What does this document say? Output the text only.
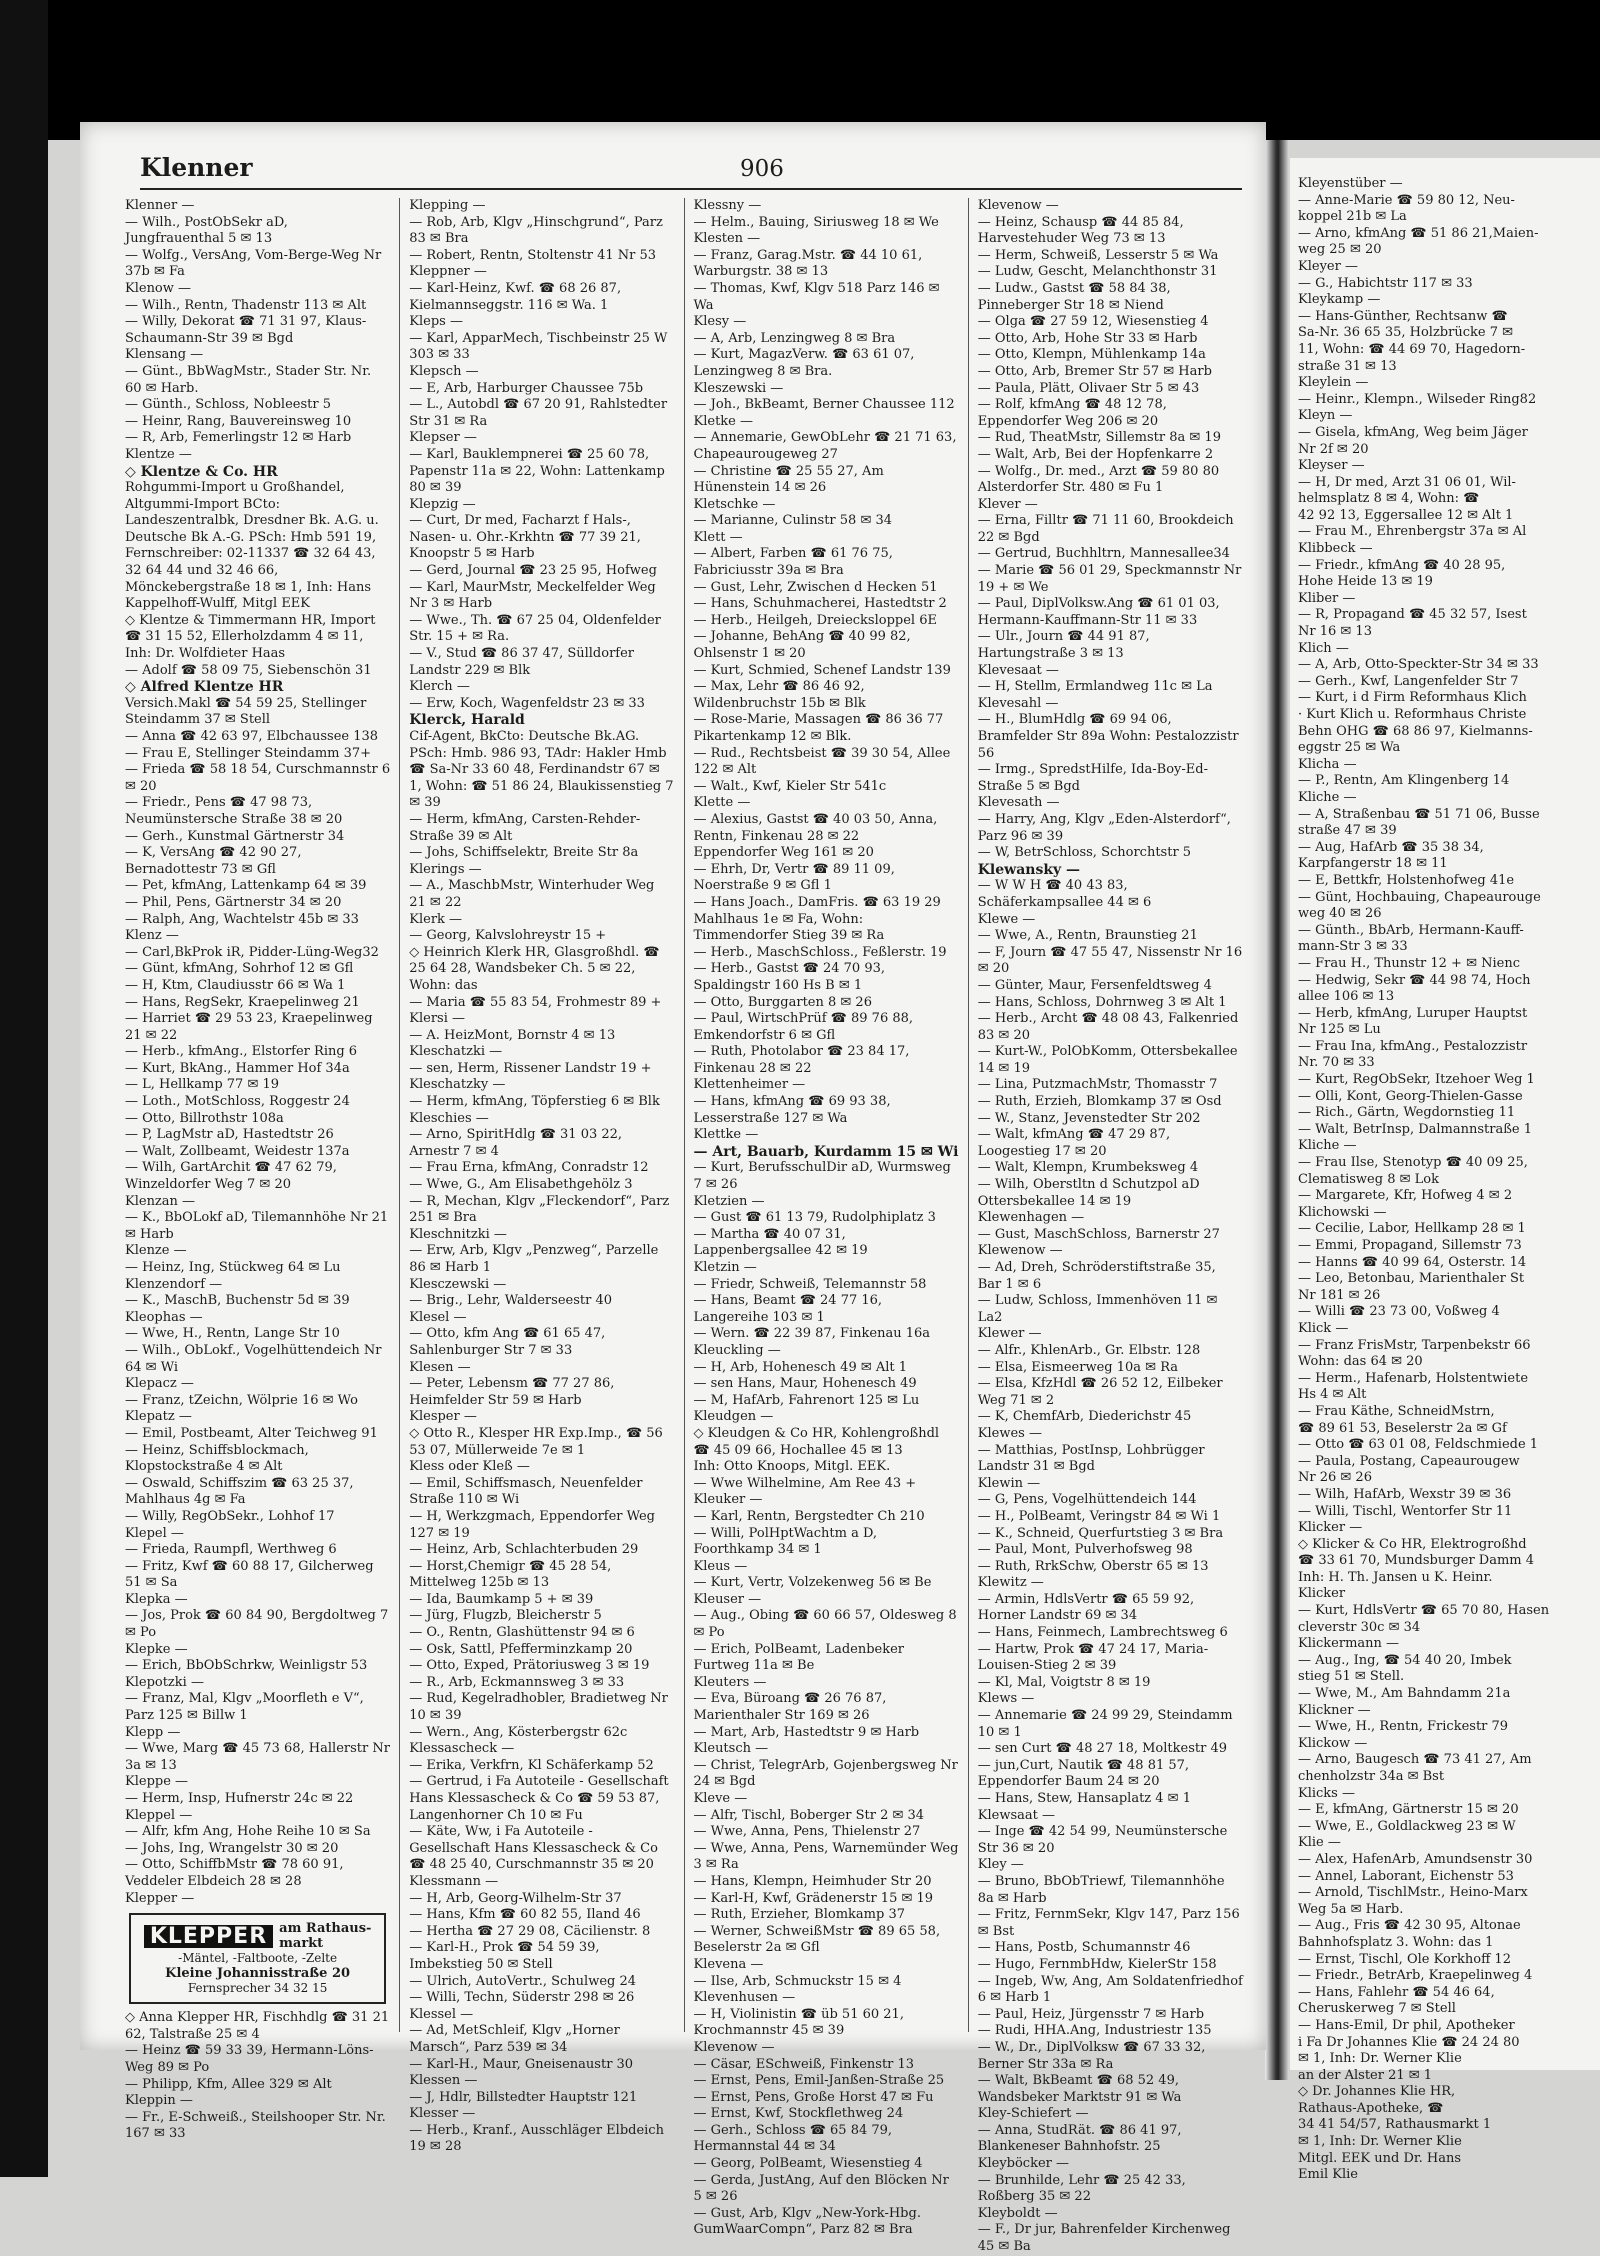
Klenner	906

Klenner —

— Wilh., PostObSekr aD, Jungfrauenthal 5 ✉ 13

— Wolfg., VersAng, Vom-Berge-Weg Nr 37b ✉ Fa

Klenow —

— Wilh., Rentn, Thadenstr 113 ✉ Alt

— Willy, Dekorat ☎ 71 31 97, Klaus-Schaumann-Str 39 ✉ Bgd

Klensang —

— Günt., BbWagMstr., Stader Str. Nr. 60 ✉ Harb.

— Günth., Schloss, Nobleestr 5

— Heinr, Rang, Bauvereinsweg 10

— R, Arb, Femerlingstr 12 ✉ Harb

Klentze —

◇ Klentze & Co. HR

Rohgummi-Import u Großhandel, Altgummi-Import BCto: Landeszentralbk, Dresdner Bk. A.G. u. Deutsche Bk A.-G. PSch: Hmb 591 19, Fernschreiber: 02-11337 ☎ 32 64 43, 32 64 44 und 32 46 66, Mönckebergstraße 18 ✉ 1, Inh: Hans Kappelhoff-Wulff, Mitgl EEK

◇ Klentze & Timmermann HR, Import ☎ 31 15 52, Ellerholzdamm 4 ✉ 11, Inh: Dr. Wolfdieter Haas

— Adolf ☎ 58 09 75, Siebenschön 31

◇ Alfred Klentze HR

Versich.Makl ☎ 54 59 25, Stellinger Steindamm 37 ✉ Stell

— Anna ☎ 42 63 97, Elbchaussee 138

— Frau E, Stellinger Steindamm 37+

— Frieda ☎ 58 18 54, Curschmannstr 6 ✉ 20

— Friedr., Pens ☎ 47 98 73, Neumünstersche Straße 38 ✉ 20

— Gerh., Kunstmal Gärtnerstr 34

— K, VersAng ☎ 42 90 27, Bernadottestr 73 ✉ Gfl

— Pet, kfmAng, Lattenkamp 64 ✉ 39

— Phil, Pens, Gärtnerstr 34 ✉ 20

— Ralph, Ang, Wachtelstr 45b ✉ 33

Klenz —

— Carl,BkProk iR, Pidder-Lüng-Weg32

— Günt, kfmAng, Sohrhof 12 ✉ Gfl

— H, Ktm, Claudiusstr 66 ✉ Wa 1

— Hans, RegSekr, Kraepelinweg 21

— Harriet ☎ 29 53 23, Kraepelinweg 21 ✉ 22

— Herb., kfmAng., Elstorfer Ring 6

— Kurt, BkAng., Hammer Hof 34a

— L, Hellkamp 77 ✉ 19

— Loth., MotSchloss, Roggestr 24

— Otto, Billrothstr 108a

— P, LagMstr aD, Hastedtstr 26

— Walt, Zollbeamt, Weidestr 137a

— Wilh, GartArchit ☎ 47 62 79, Winzeldorfer Weg 7 ✉ 20

Klenzan —

— K., BbOLokf aD, Tilemannhöhe Nr 21 ✉ Harb

Klenze —

— Heinz, Ing, Stückweg 64 ✉ Lu

Klenzendorf —

— K., MaschB, Buchenstr 5d ✉ 39

Kleophas —

— Wwe, H., Rentn, Lange Str 10

— Wilh., ObLokf., Vogelhüttendeich Nr 64 ✉ Wi

Klepacz —

— Franz, tZeichn, Wölprie 16 ✉ Wo

Klepatz —

— Emil, Postbeamt, Alter Teichweg 91

— Heinz, Schiffsblockmach, Klopstockstraße 4 ✉ Alt

— Oswald, Schiffszim ☎ 63 25 37, Mahlhaus 4g ✉ Fa

— Willy, RegObSekr., Lohhof 17

Klepel —

— Frieda, Raumpfl, Werthweg 6

— Fritz, Kwf ☎ 60 88 17, Gilcherweg 51 ✉ Sa

Klepka —

— Jos, Prok ☎ 60 84 90, Bergdoltweg 7 ✉ Po

Klepke —

— Erich, BbObSchrkw, Weinligstr 53

Klepotzki —

— Franz, Mal, Klgv „Moorfleth e V“, Parz 125 ✉ Billw 1

Klepp —

— Wwe, Marg ☎ 45 73 68, Hallerstr Nr 3a ✉ 13

Kleppe —

— Herm, Insp, Hufnerstr 24c ✉ 22

Kleppel —

— Alfr, kfm Ang, Hohe Reihe 10 ✉ Sa

— Johs, Ing, Wrangelstr 30 ✉ 20

— Otto, SchiffbMstr ☎ 78 60 91, Veddeler Elbdeich 28 ✉ 28

Klepper —

KLEPPER am Rathaus-
markt
-Mäntel, -Faltboote, -Zelte
Kleine Johannisstraße 20
Fernsprecher 34 32 15

◇ Anna Klepper HR, Fischhdlg ☎ 31 21 62, Talstraße 25 ✉ 4

— Heinz ☎ 59 33 39, Hermann-Löns-Weg 89 ✉ Po

— Philipp, Kfm, Allee 329 ✉ Alt

Kleppin —

— Fr., E-Schweiß., Steilshooper Str. Nr. 167 ✉ 33

Klepping —

— Rob, Arb, Klgv „Hinschgrund“, Parz 83 ✉ Bra

— Robert, Rentn, Stoltenstr 41 Nr 53

Kleppner —

— Karl-Heinz, Kwf. ☎ 68 26 87, Kielmannseggstr. 116 ✉ Wa. 1

Kleps —

— Karl, ApparMech, Tischbeinstr 25 W 303 ✉ 33

Klepsch —

— E, Arb, Harburger Chaussee 75b

— L., Autobdl ☎ 67 20 91, Rahlstedter Str 31 ✉ Ra

Klepser —

— Karl, Bauklempnerei ☎ 25 60 78, Papenstr 11a ✉ 22, Wohn: Lattenkamp 80 ✉ 39

Klepzig —

— Curt, Dr med, Facharzt f Hals-, Nasen- u. Ohr.-Krkhtn ☎ 77 39 21, Knoopstr 5 ✉ Harb

— Gerd, Journal ☎ 23 25 95, Hofweg

— Karl, MaurMstr, Meckelfelder Weg Nr 3 ✉ Harb

— Wwe., Th. ☎ 67 25 04, Oldenfelder Str. 15 + ✉ Ra.

— V., Stud ☎ 86 37 47, Sülldorfer Landstr 229 ✉ Blk

Klerch —

— Erw, Koch, Wagenfeldstr 23 ✉ 33

Klerck, Harald

Cif-Agent, BkCto: Deutsche Bk.AG. PSch: Hmb. 986 93, TAdr: Hakler Hmb ☎ Sa-Nr 33 60 48, Ferdinandstr 67 ✉ 1, Wohn: ☎ 51 86 24, Blaukissenstieg 7 ✉ 39

— Herm, kfmAng, Carsten-Rehder-Straße 39 ✉ Alt

— Johs, Schiffselektr, Breite Str 8a

Klerings —

— A., MaschbMstr, Winterhuder Weg 21 ✉ 22

Klerk —

— Georg, Kalvslohreystr 15 +

◇ Heinrich Klerk HR, Glasgroßhdl. ☎ 25 64 28, Wandsbeker Ch. 5 ✉ 22, Wohn: das

— Maria ☎ 55 83 54, Frohmestr 89 +

Klersi —

— A. HeizMont, Bornstr 4 ✉ 13

Kleschatzki —

— sen, Herm, Rissener Landstr 19 +

Kleschatzky —

— Herm, kfmAng, Töpferstieg 6 ✉ Blk

Kleschies —

— Arno, SpiritHdlg ☎ 31 03 22, Arnestr 7 ✉ 4

— Frau Erna, kfmAng, Conradstr 12

— Wwe, G., Am Elisabethgehölz 3

— R, Mechan, Klgv „Fleckendorf“, Parz 251 ✉ Bra

Kleschnitzki —

— Erw, Arb, Klgv „Penzweg“, Parzelle 86 ✉ Harb 1

Klesczewski —

— Brig., Lehr, Walderseestr 40

Klesel —

— Otto, kfm Ang ☎ 61 65 47, Sahlenburger Str 7 ✉ 33

Klesen —

— Peter, Lebensm ☎ 77 27 86, Heimfelder Str 59 ✉ Harb

Klesper —

◇ Otto R., Klesper HR Exp.Imp., ☎ 56 53 07, Müllerweide 7e ✉ 1

Kless oder Kleß —

— Emil, Schiffsmasch, Neuenfelder Straße 110 ✉ Wi

— H, Werkzgmach, Eppendorfer Weg 127 ✉ 19

— Heinz, Arb, Schlachterbuden 29

— Horst,Chemigr ☎ 45 28 54, Mittelweg 125b ✉ 13

— Ida, Baumkamp 5 + ✉ 39

— Jürg, Flugzb, Bleicherstr 5

— O., Rentn, Glashüttenstr 94 ✉ 6

— Osk, Sattl, Pfefferminzkamp 20

— Otto, Exped, Prätoriusweg 3 ✉ 19

— R., Arb, Eckmannsweg 3 ✉ 33

— Rud, Kegelradhobler, Bradietweg Nr 10 ✉ 39

— Wern., Ang, Kösterbergstr 62c

Klessascheck —

— Erika, Verkfrn, Kl Schäferkamp 52

— Gertrud, i Fa Autoteile - Gesellschaft Hans Klessascheck & Co ☎ 59 53 87, Langenhorner Ch 10 ✉ Fu

— Käte, Ww, i Fa Autoteile - Gesellschaft Hans Klessascheck & Co ☎ 48 25 40, Curschmannstr 35 ✉ 20

Klessmann —

— H, Arb, Georg-Wilhelm-Str 37

— Hans, Kfm ☎ 60 82 55, Iland 46

— Hertha ☎ 27 29 08, Cäcilienstr. 8

— Karl-H., Prok ☎ 54 59 39, Imbekstieg 50 ✉ Stell

— Ulrich, AutoVertr., Schulweg 24

— Willi, Techn, Süderstr 298 ✉ 26

Klessel —

— Ad, MetSchleif, Klgv „Horner Marsch“, Parz 539 ✉ 34

— Karl-H., Maur, Gneisenaustr 30

Klessen —

— J, Hdlr, Billstedter Hauptstr 121

Klesser —

— Herb., Kranf., Ausschläger Elbdeich 19 ✉ 28

Klessny —

— Helm., Bauing, Siriusweg 18 ✉ We

Klesten —

— Franz, Garag.Mstr. ☎ 44 10 61, Warburgstr. 38 ✉ 13

— Thomas, Kwf, Klgv 518 Parz 146 ✉ Wa

Klesy —

— A, Arb, Lenzingweg 8 ✉ Bra

— Kurt, MagazVerw. ☎ 63 61 07, Lenzingweg 8 ✉ Bra.

Kleszewski —

— Joh., BkBeamt, Berner Chaussee 112

Kletke —

— Annemarie, GewObLehr ☎ 21 71 63, Chapeaurougeweg 27

— Christine ☎ 25 55 27, Am Hünenstein 14 ✉ 26

Kletschke —

— Marianne, Culinstr 58 ✉ 34

Klett —

— Albert, Farben ☎ 61 76 75, Fabriciusstr 39a ✉ Bra

— Gust, Lehr, Zwischen d Hecken 51

— Hans, Schuhmacherei, Hastedtstr 2

— Herb., Heilgeh, Dreiecksloppel 6E

— Johanne, BehAng ☎ 40 99 82, Ohlsenstr 1 ✉ 20

— Kurt, Schmied, Schenef Landstr 139

— Max, Lehr ☎ 86 46 92, Wildenbruchstr 15b ✉ Blk

— Rose-Marie, Massagen ☎ 86 36 77 Pikartenkamp 12 ✉ Blk.

— Rud., Rechtsbeist ☎ 39 30 54, Allee 122 ✉ Alt

— Walt., Kwf, Kieler Str 541c

Klette —

— Alexius, Gastst ☎ 40 03 50, Anna, Rentn, Finkenau 28 ✉ 22

Eppendorfer Weg 161 ✉ 20

— Ehrh, Dr, Vertr ☎ 89 11 09, Noerstraße 9 ✉ Gfl 1

— Hans Joach., DamFris. ☎ 63 19 29 Mahlhaus 1e ✉ Fa, Wohn: Timmendorfer Stieg 39 ✉ Ra

— Herb., MaschSchloss., Feßlerstr. 19

— Herb., Gastst ☎ 24 70 93, Spaldingstr 160 Hs B ✉ 1

— Otto, Burggarten 8 ✉ 26

— Paul, WirtschPrüf ☎ 89 76 88, Emkendorfstr 6 ✉ Gfl

— Ruth, Photolabor ☎ 23 84 17, Finkenau 28 ✉ 22

Klettenheimer —

— Hans, kfmAng ☎ 69 93 38, Lesserstraße 127 ✉ Wa

Klettke —

— Art, Bauarb, Kurdamm 15 ✉ Wi

— Kurt, BerufsschulDir aD, Wurmsweg 7 ✉ 26

Kletzien —

— Gust ☎ 61 13 79, Rudolphiplatz 3

— Martha ☎ 40 07 31, Lappenbergsallee 42 ✉ 19

Kletzin —

— Friedr, Schweiß, Telemannstr 58

— Hans, Beamt ☎ 24 77 16, Langereihe 103 ✉ 1

— Wern. ☎ 22 39 87, Finkenau 16a

Kleuckling —

— H, Arb, Hohenesch 49 ✉ Alt 1

— sen Hans, Maur, Hohenesch 49

— M, HafArb, Fahrenort 125 ✉ Lu

Kleudgen —

◇ Kleudgen & Co HR, Kohlengroßhdl ☎ 45 09 66, Hochallee 45 ✉ 13

Inh: Otto Knoops, Mitgl. EEK.

— Wwe Wilhelmine, Am Ree 43 +

Kleuker —

— Karl, Rentn, Bergstedter Ch 210

— Willi, PolHptWachtm a D, Foorthkamp 34 ✉ 1

Kleus —

— Kurt, Vertr, Volzekenweg 56 ✉ Be

Kleuser —

— Aug., Obing ☎ 60 66 57, Oldesweg 8 ✉ Po

— Erich, PolBeamt, Ladenbeker Furtweg 11a ✉ Be

Kleuters —

— Eva, Büroang ☎ 26 76 87, Marienthaler Str 169 ✉ 26

— Mart, Arb, Hastedtstr 9 ✉ Harb

Kleutsch —

— Christ, TelegrArb, Gojenbergsweg Nr 24 ✉ Bgd

Kleve —

— Alfr, Tischl, Boberger Str 2 ✉ 34

— Wwe, Anna, Pens, Thielenstr 27

— Wwe, Anna, Pens, Warnemünder Weg 3 ✉ Ra

— Hans, Klempn, Heimhuder Str 20

— Karl-H, Kwf, Grädenerstr 15 ✉ 19

— Ruth, Erzieher, Blomkamp 37

— Werner, SchweißMstr ☎ 89 65 58, Beselerstr 2a ✉ Gfl

Klevena —

— Ilse, Arb, Schmuckstr 15 ✉ 4

Klevenhusen —

— H, Violinistin ☎ üb 51 60 21, Krochmannstr 45 ✉ 39

Klevenow —

— Cäsar, ESchweiß, Finkenstr 13

— Ernst, Pens, Emil-Janßen-Straße 25

— Ernst, Pens, Große Horst 47 ✉ Fu

— Ernst, Kwf, Stockflethweg 24

— Gerh., Schloss ☎ 65 84 79, Hermannstal 44 ✉ 34

— Georg, PolBeamt, Wiesenstieg 4

— Gerda, JustAng, Auf den Blöcken Nr 5 ✉ 26

— Gust, Arb, Klgv „New-York-Hbg. GumWaarCompn“, Parz 82 ✉ Bra

Klevenow —

— Heinz, Schausp ☎ 44 85 84, Harvestehuder Weg 73 ✉ 13

— Herm, Schweiß, Lesserstr 5 ✉ Wa

— Ludw, Gescht, Melanchthonstr 31

— Ludw., Gastst ☎ 58 84 38, Pinneberger Str 18 ✉ Niend

— Olga ☎ 27 59 12, Wiesenstieg 4

— Otto, Arb, Hohe Str 33 ✉ Harb

— Otto, Klempn, Mühlenkamp 14a

— Otto, Arb, Bremer Str 57 ✉ Harb

— Paula, Plätt, Olivaer Str 5 ✉ 43

— Rolf, kfmAng ☎ 48 12 78, Eppendorfer Weg 206 ✉ 20

— Rud, TheatMstr, Sillemstr 8a ✉ 19

— Walt, Arb, Bei der Hopfenkarre 2

— Wolfg., Dr. med., Arzt ☎ 59 80 80 Alsterdorfer Str. 480 ✉ Fu 1

Klever —

— Erna, Filltr ☎ 71 11 60, Brookdeich 22 ✉ Bgd

— Gertrud, Buchhltrn, Mannesallee34

— Marie ☎ 56 01 29, Speckmannstr Nr 19 + ✉ We

— Paul, DiplVolksw.Ang ☎ 61 01 03, Hermann-Kauffmann-Str 11 ✉ 33

— Ulr., Journ ☎ 44 91 87, Hartungstraße 3 ✉ 13

Klevesaat —

— H, Stellm, Ermlandweg 11c ✉ La

Klevesahl —

— H., BlumHdlg ☎ 69 94 06, Bramfelder Str 89a Wohn: Pestalozzistr 56

— Irmg., SpredstHilfe, Ida-Boy-Ed-Straße 5 ✉ Bgd

Klevesath —

— Harry, Ang, Klgv „Eden-Alsterdorf“, Parz 96 ✉ 39

— W, BetrSchloss, Schorchtstr 5

Klewansky —

— W W H ☎ 40 43 83, Schäferkampsallee 44 ✉ 6

Klewe —

— Wwe, A., Rentn, Braunstieg 21

— F, Journ ☎ 47 55 47, Nissenstr Nr 16 ✉ 20

— Günter, Maur, Fersenfeldtsweg 4

— Hans, Schloss, Dohrnweg 3 ✉ Alt 1

— Herb., Archt ☎ 48 08 43, Falkenried 83 ✉ 20

— Kurt-W., PolObKomm, Ottersbekallee 14 ✉ 19

— Lina, PutzmachMstr, Thomasstr 7

— Ruth, Erzieh, Blomkamp 37 ✉ Osd

— W., Stanz, Jevenstedter Str 202

— Walt, kfmAng ☎ 47 29 87, Loogestieg 17 ✉ 20

— Walt, Klempn, Krumbeksweg 4

— Wilh, Oberstltn d Schutzpol aD Ottersbekallee 14 ✉ 19

Klewenhagen —

— Gust, MaschSchloss, Barnerstr 27

Klewenow —

— Ad, Dreh, Schröderstiftstraße 35, Bar 1 ✉ 6

— Ludw, Schloss, Immenhöven 11 ✉ La2

Klewer —

— Alfr., KhlenArb., Gr. Elbstr. 128

— Elsa, Eismeerweg 10a ✉ Ra

— Elsa, KfzHdl ☎ 26 52 12, Eilbeker Weg 71 ✉ 2

— K, ChemfArb, Diederichstr 45

Klewes —

— Matthias, PostInsp, Lohbrügger Landstr 31 ✉ Bgd

Klewin —

— G, Pens, Vogelhüttendeich 144

— H., PolBeamt, Veringstr 84 ✉ Wi 1

— K., Schneid, Querfurtstieg 3 ✉ Bra

— Paul, Mont, Pulverhofsweg 98

— Ruth, RrkSchw, Oberstr 65 ✉ 13

Klewitz —

— Armin, HdlsVertr ☎ 65 59 92, Horner Landstr 69 ✉ 34

— Hans, Feinmech, Lambrechtsweg 6

— Hartw, Prok ☎ 47 24 17, Maria-Louisen-Stieg 2 ✉ 39

— Kl, Mal, Voigtstr 8 ✉ 19

Klews —

— Annemarie ☎ 24 99 29, Steindamm 10 ✉ 1

— sen Curt ☎ 48 27 18, Moltkestr 49

— jun,Curt, Nautik ☎ 48 81 57, Eppendorfer Baum 24 ✉ 20

— Hans, Stew, Hansaplatz 4 ✉ 1

Klewsaat —

— Inge ☎ 42 54 99, Neumünstersche Str 36 ✉ 20

Kley —

— Bruno, BbObTriewf, Tilemannhöhe 8a ✉ Harb

— Fritz, FernmSekr, Klgv 147, Parz 156 ✉ Bst

— Hans, Postb, Schumannstr 46

— Hugo, FernmbHdw, KielerStr 158

— Ingeb, Ww, Ang, Am Soldatenfriedhof 6 ✉ Harb 1

— Paul, Heiz, Jürgensstr 7 ✉ Harb

— Rudi, HHA.Ang, Industriestr 135

— W., Dr., DiplVolksw ☎ 67 33 32, Berner Str 33a ✉ Ra

— Walt, BkBeamt ☎ 68 52 49, Wandsbeker Marktstr 91 ✉ Wa

Kley-Schiefert —

— Anna, StudRät. ☎ 86 41 97, Blankeneser Bahnhofstr. 25

Kleyböcker —

— Brunhilde, Lehr ☎ 25 42 33, Roßberg 35 ✉ 22

Kleyboldt —

— F., Dr jur, Bahrenfelder Kirchenweg 45 ✉ Ba

Kleyenstüber —
— Anne-Marie ☎ 59 80 12, Neu-
koppel 21b ✉ La
— Arno, kfmAng ☎ 51 86 21,Maien-
weg 25 ✉ 20
Kleyer —
— G., Habichtstr 117 ✉ 33
Kleykamp —
— Hans-Günther, Rechtsanw ☎
Sa-Nr. 36 65 35, Holzbrücke 7 ✉
11, Wohn: ☎ 44 69 70, Hagedorn-
straße 31 ✉ 13
Kleylein —
— Heinr., Klempn., Wilseder Ring82
Kleyn —
— Gisela, kfmAng, Weg beim Jäger
Nr 2f ✉ 20
Kleyser —
— H, Dr med, Arzt 31 06 01, Wil-
helmsplatz 8 ✉ 4, Wohn: ☎
42 92 13, Eggersallee 12 ✉ Alt 1
— Frau M., Ehrenbergstr 37a ✉ Al
Klibbeck —
— Friedr., kfmAng ☎ 40 28 95,
Hohe Heide 13 ✉ 19
Kliber —
— R, Propagand ☎ 45 32 57, Isest
Nr 16 ✉ 13
Klich —
— A, Arb, Otto-Speckter-Str 34 ✉ 33
— Gerh., Kwf, Langenfelder Str 7
— Kurt, i d Firm Reformhaus Klich
· Kurt Klich u. Reformhaus Christe
Behn OHG ☎ 68 86 97, Kielmanns-
eggstr 25 ✉ Wa
Klicha —
— P., Rentn, Am Klingenberg 14
Kliche —
— A, Straßenbau ☎ 51 71 06, Busse
straße 47 ✉ 39
— Aug, HafArb ☎ 35 38 34,
Karpfangerstr 18 ✉ 11
— E, Bettkfr, Holstenhofweg 41e
— Günt, Hochbauing, Chapeaurouge
weg 40 ✉ 26
— Günth., BbArb, Hermann-Kauff-
mann-Str 3 ✉ 33
— Frau H., Thunstr 12 + ✉ Nienc
— Hedwig, Sekr ☎ 44 98 74, Hoch
allee 106 ✉ 13
— Herb, kfmAng, Luruper Hauptst
Nr 125 ✉ Lu
— Frau Ina, kfmAng., Pestalozzistr
Nr. 70 ✉ 33
— Kurt, RegObSekr, Itzehoer Weg 1
— Olli, Kont, Georg-Thielen-Gasse
— Rich., Gärtn, Wegdornstieg 11
— Walt, BetrInsp, Dalmannstraße 1
Kliche —
— Frau Ilse, Stenotyp ☎ 40 09 25,
Clematisweg 8 ✉ Lok
— Margarete, Kfr, Hofweg 4 ✉ 2
Klichowski —
— Cecilie, Labor, Hellkamp 28 ✉ 1
— Emmi, Propagand, Sillemstr 73
— Hanns ☎ 40 99 64, Osterstr. 14
— Leo, Betonbau, Marienthaler St
Nr 181 ✉ 26
— Willi ☎ 23 73 00, Voßweg 4
Klick —
— Franz FrisMstr, Tarpenbekstr 66
Wohn: das 64 ✉ 20
— Herm., Hafenarb, Holstentwiete
Hs 4 ✉ Alt
— Frau Käthe, SchneidMstrn,
☎ 89 61 53, Beselerstr 2a ✉ Gf
— Otto ☎ 63 01 08, Feldschmiede 1
— Paula, Postang, Capeaurougew
Nr 26 ✉ 26
— Wilh, HafArb, Wexstr 39 ✉ 36
— Willi, Tischl, Wentorfer Str 11
Klicker —
◇ Klicker & Co HR, Elektrogroßhd
☎ 33 61 70, Mundsburger Damm 4
Inh: H. Th. Jansen u K. Heinr.
Klicker
— Kurt, HdlsVertr ☎ 65 70 80, Hasen
cleverstr 30c ✉ 34
Klickermann —
— Aug., Ing, ☎ 54 40 20, Imbek
stieg 51 ✉ Stell.
— Wwe, M., Am Bahndamm 21a
Klickner —
— Wwe, H., Rentn, Frickestr 79
Klickow —
— Arno, Baugesch ☎ 73 41 27, Am
chenholzstr 34a ✉ Bst
Klicks —
— E, kfmAng, Gärtnerstr 15 ✉ 20
— Wwe, E., Goldlackweg 23 ✉ W
Klie —
— Alex, HafenArb, Amundsenstr 30
— Annel, Laborant, Eichenstr 53
— Arnold, TischlMstr., Heino-Marx
Weg 5a ✉ Harb.
— Aug., Fris ☎ 42 30 95, Altonae
Bahnhofsplatz 3. Wohn: das 1
— Ernst, Tischl, Ole Korkhoff 12
— Friedr., BetrArb, Kraepelinweg 4
— Hans, Fahlehr ☎ 54 46 64,
Cheruskerweg 7 ✉ Stell
— Hans-Emil, Dr phil, Apotheker
i Fa Dr Johannes Klie ☎ 24 24 80
✉ 1, Inh: Dr. Werner Klie
an der Alster 21 ✉ 1
◇ Dr. Johannes Klie HR,
Rathaus-Apotheke, ☎
34 41 54/57, Rathausmarkt 1
✉ 1, Inh: Dr. Werner Klie
Mitgl. EEK und Dr. Hans
Emil Klie
